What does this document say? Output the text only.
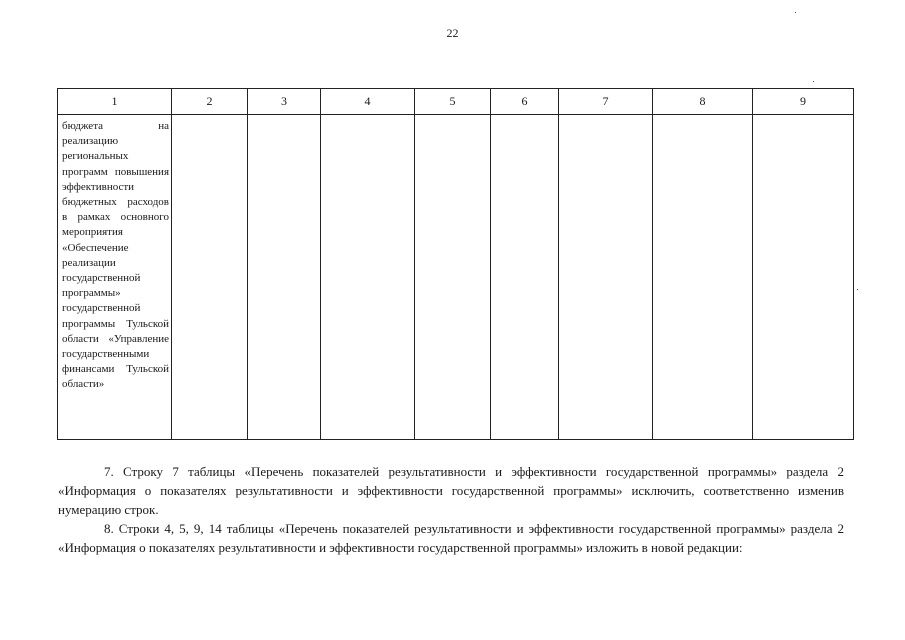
22
1	2	3	4	5	6	7	8	9

бюджета на реализацию региональных программ повышения эффективности бюджетных расходов в рамках основного мероприятия «Обеспечение реализации государственной программы» государственной программы Тульской области «Управление государственными финансами Тульской области»								

7. Строку 7 таблицы «Перечень показателей результативности и эффективности государственной программы» раздела 2 «Информация о показателях результативности и эффективности государственной программы» исключить, соответственно изменив нумерацию строк.

8. Строки 4, 5, 9, 14 таблицы «Перечень показателей результативности и эффективности государственной программы» раздела 2 «Информация о показателях результативности и эффективности государственной программы» изложить в новой редакции:
